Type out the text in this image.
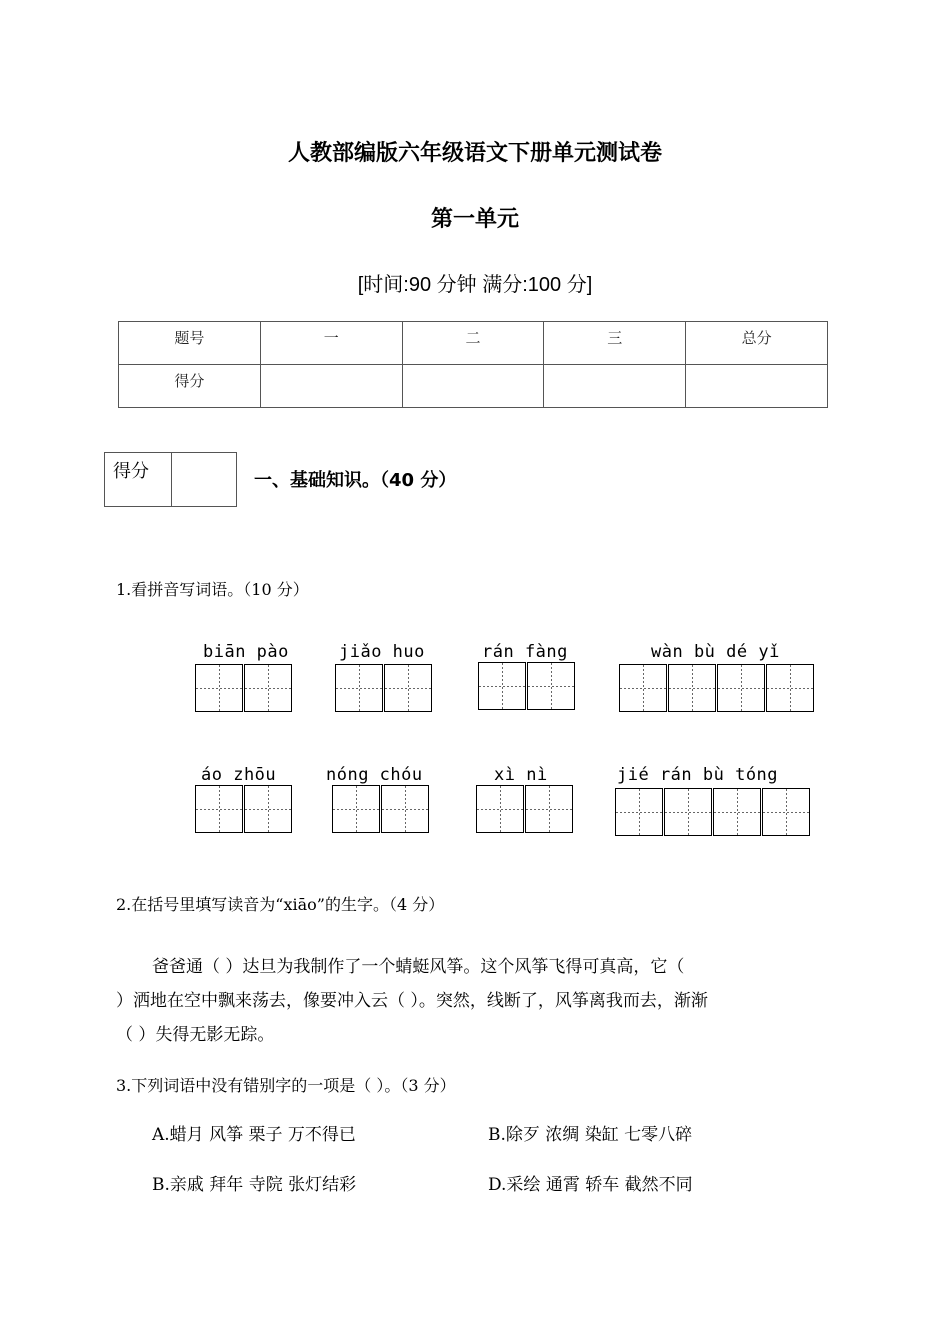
人教部编版六年级语文下册单元测试卷
第一单元
[时间:90 分钟 满分:100 分]
题号	一	二	三	总分
得分				
得分	一、基础知识。（40 分）
1.看拼音写词语。（10 分）
biān pào	jiǎo huo	rán fàng	wàn bù dé yǐ
áo zhōu	nóng chóu	xì nì	jié rán bù tóng
2.在括号里填写读音为“xiāo”的生字。（4 分）
爸爸通（ ）达旦为我制作了一个蜻蜓风筝。这个风筝飞得可真高，它（
）洒地在空中飘来荡去，像要冲入云（ ）。突然，线断了，风筝离我而去，渐渐
（ ）失得无影无踪。
3.下列词语中没有错别字的一项是（ ）。（3 分）
A.蜡月 风筝 栗子 万不得已	B.除歹 浓绸 染缸 七零八碎
B.亲戚 拜年 寺院 张灯结彩	D.采绘 通霄 轿车 截然不同
